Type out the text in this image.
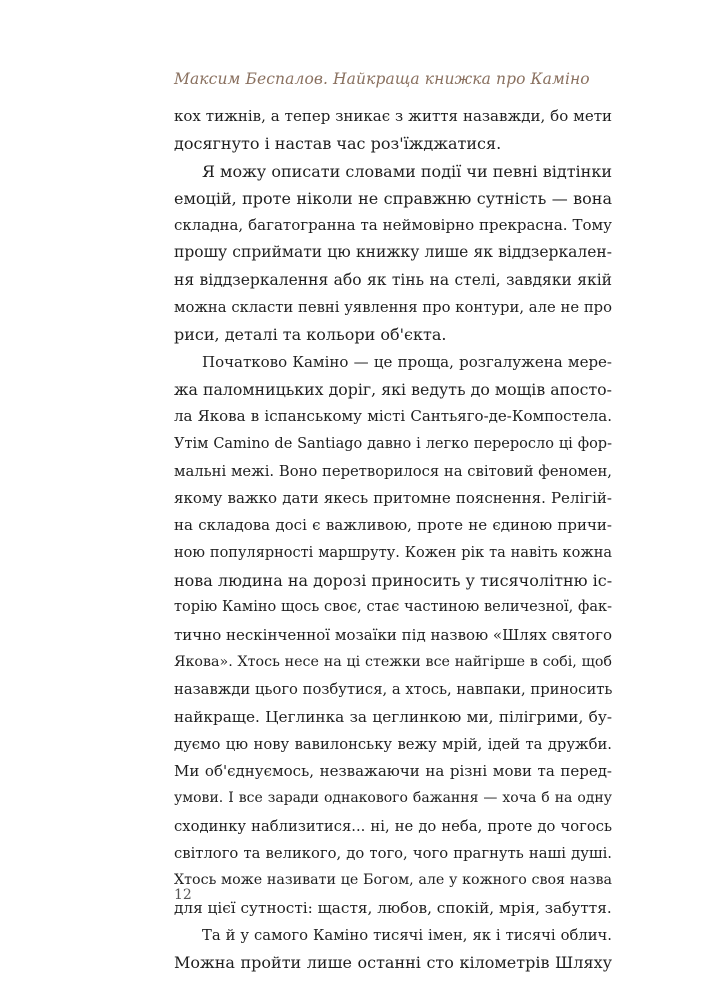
Максим Беспалов. Найкраща книжка про Каміно
кох тижнів, а тепер зникає з життя назавжди, бо мети
досягнуто і настав час роз'їжджатися.
Я можу описати словами події чи певні відтінки
емоцій, проте ніколи не справжню сутність — вона
складна, багатогранна та неймовірно прекрасна. Тому
прошу сприймати цю книжку лише як віддзеркален-
ня віддзеркалення або як тінь на стелі, завдяки якій
можна скласти певні уявлення про контури, але не про
риси, деталі та кольори об'єкта.
Початково Каміно — це проща, розгалужена мере-
жа паломницьких доріг, які ведуть до мощів апосто-
ла Якова в іспанському місті Сантьяго-де-Компостела.
Утім Camino de Santiago давно і легко переросло ці фор-
мальні межі. Воно перетворилося на світовий феномен,
якому важко дати якесь притомне пояснення. Релігій-
на складова досі є важливою, проте не єдиною причи-
ною популярності маршруту. Кожен рік та навіть кожна
нова людина на дорозі приносить у тисячолітню іс-
торію Каміно щось своє, стає частиною величезної, фак-
тично нескінченної мозаїки під назвою «Шлях святого
Якова». Хтось несе на ці стежки все найгірше в собі, щоб
назавжди цього позбутися, а хтось, навпаки, приносить
найкраще. Цеглинка за цеглинкою ми, пілігрими, бу-
дуємо цю нову вавилонську вежу мрій, ідей та дружби.
Ми об'єднуємось, незважаючи на різні мови та перед-
умови. І все заради однакового бажання — хоча б на одну
сходинку наблизитися... ні, не до неба, проте до чогось
світлого та великого, до того, чого прагнуть наші душі.
Хтось може називати це Богом, але у кожного своя назва
для цієї сутності: щастя, любов, спокій, мрія, забуття.
Та й у самого Каміно тисячі імен, як і тисячі облич.
Можна пройти лише останні сто кілометрів Шляху
12
